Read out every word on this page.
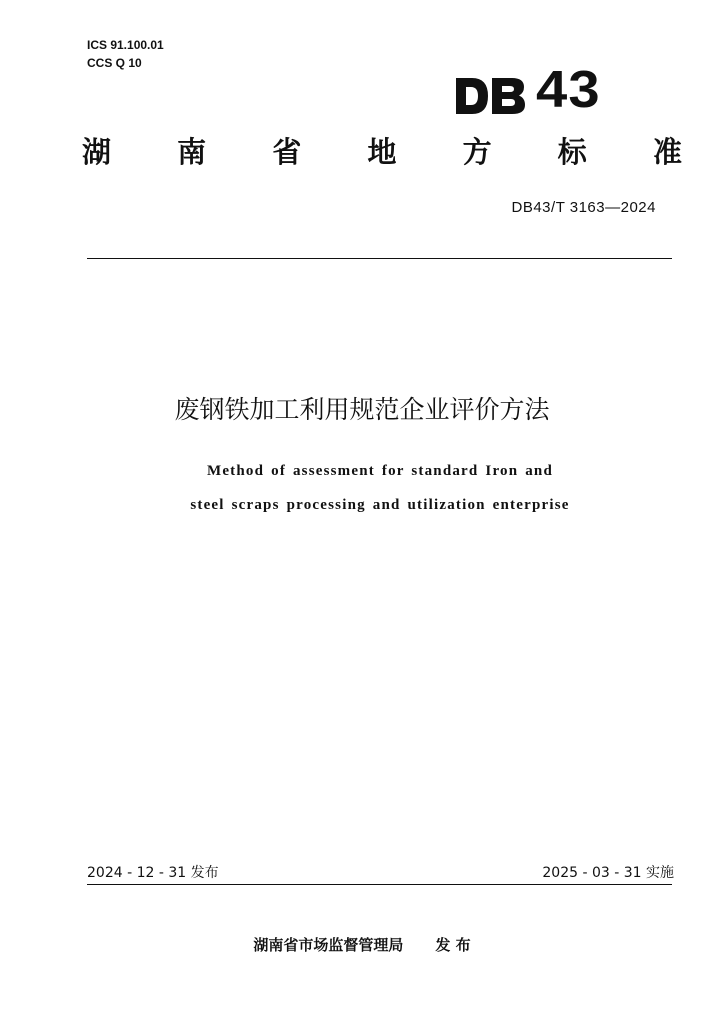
ICS 91.100.01
CCS Q 10	43
湖 南 省 地 方 标 准
DB43/T 3163—2024
废钢铁加工利用规范企业评价方法
Method of assessment for standard Iron and
steel scraps processing and utilization enterprise
2024 - 12 - 31 发布	2025 - 03 - 31 实施
湖南省市场监督管理局 发 布
